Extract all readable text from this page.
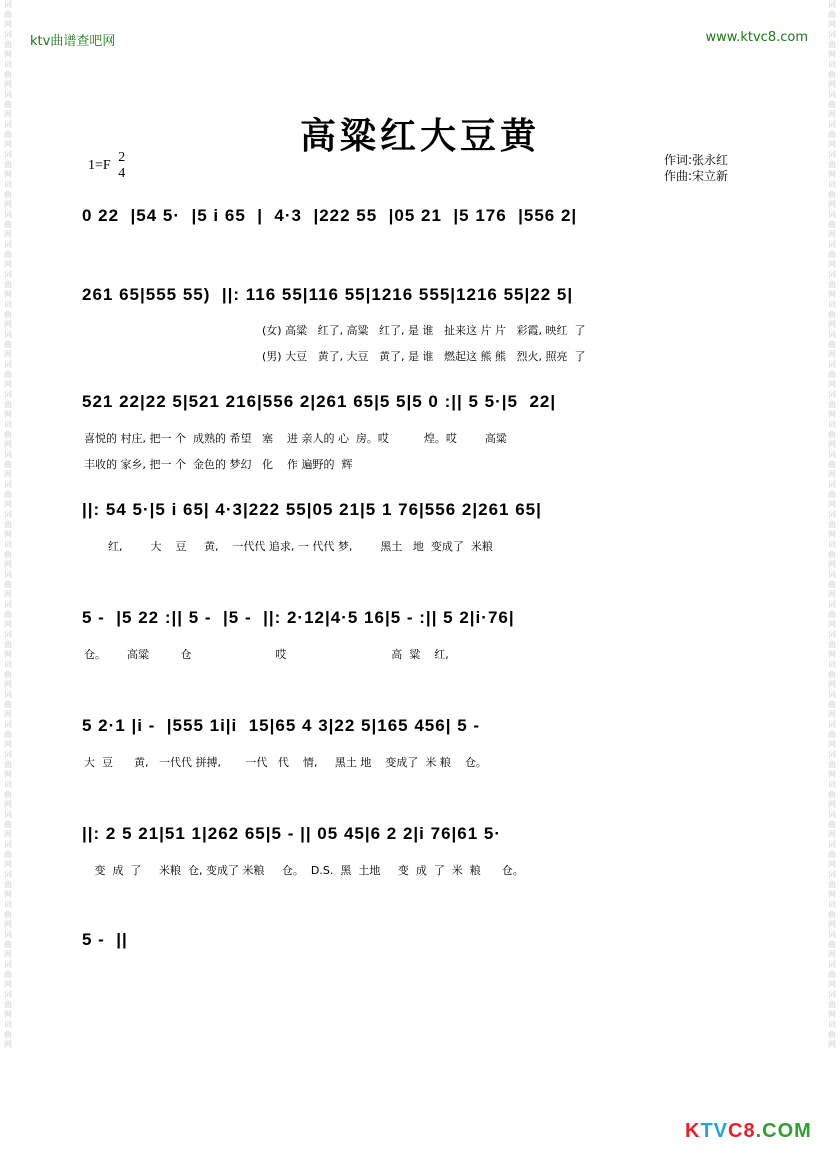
词曲网词曲网词曲网词曲网词曲网词曲网词曲网词曲网词曲网词曲网词曲网词曲网词曲网词曲网词曲网词曲网词曲网词曲网词曲网词曲网词曲网词曲网词曲网词曲网词曲网词曲网词曲网词曲网词曲网词曲网词曲网词曲网词曲网词曲网词曲网
词曲网词曲网词曲网词曲网词曲网词曲网词曲网词曲网词曲网词曲网词曲网词曲网词曲网词曲网词曲网词曲网词曲网词曲网词曲网词曲网词曲网词曲网词曲网词曲网词曲网词曲网词曲网词曲网词曲网词曲网词曲网词曲网词曲网词曲网词曲网
ktv曲谱查吧网	www.ktvc8.com
高粱红大豆黄
1=F
2
4
作词:张永红
作曲:宋立新
0 22  |54 5·  |5 i 65  |  4·3  |222 55  |05 21  |5 176  |556 2|
261 65|555 55)  ||: 116 55|116 55|1216 555|1216 55|22 5|
(女) 高粱   红了, 高粱   红了, 是 谁   扯来这 片 片   彩霞, 映红  了
(男) 大豆   黄了, 大豆   黄了, 是 谁   燃起这 熊 熊   烈火, 照亮  了
521 22|22 5|521 216|556 2|261 65|5 5|5 0 :|| 5 5·|5  22|
喜悦的 村庄, 把一 个  成熟的 希望   塞    进 亲人的 心  房。哎          煌。哎        高粱
丰收的 家乡, 把一 个  金色的 梦幻   化    作 遍野的  辉
||: 54 5·|5 i 65| 4·3|222 55|05 21|5 1 76|556 2|261 65|
红,        大    豆     黄,    一代代 追求, 一 代代 梦,        黑土   地  变成了  米粮
5 -  |5 22 :|| 5 -  |5 -  ||: 2·12|4·5 16|5 - :|| 5 2|i·76|
仓。      高粱         仓                        哎                              高  粱    红,
5 2·1 |i -  |555 1i|i  15|65 4 3|22 5|165 456| 5 -
大  豆      黄,   一代代 拼搏,       一代   代    情,     黑土 地    变成了  米 粮    仓。
||: 2 5 21|51 1|262 65|5 - || 05 45|6 2 2|i 76|61 5·
变  成  了     米粮  仓, 变成了 米粮     仓。  D.S.  黑  土地     变  成  了  米  粮      仓。
5 -  ||
KTVC8.COM
